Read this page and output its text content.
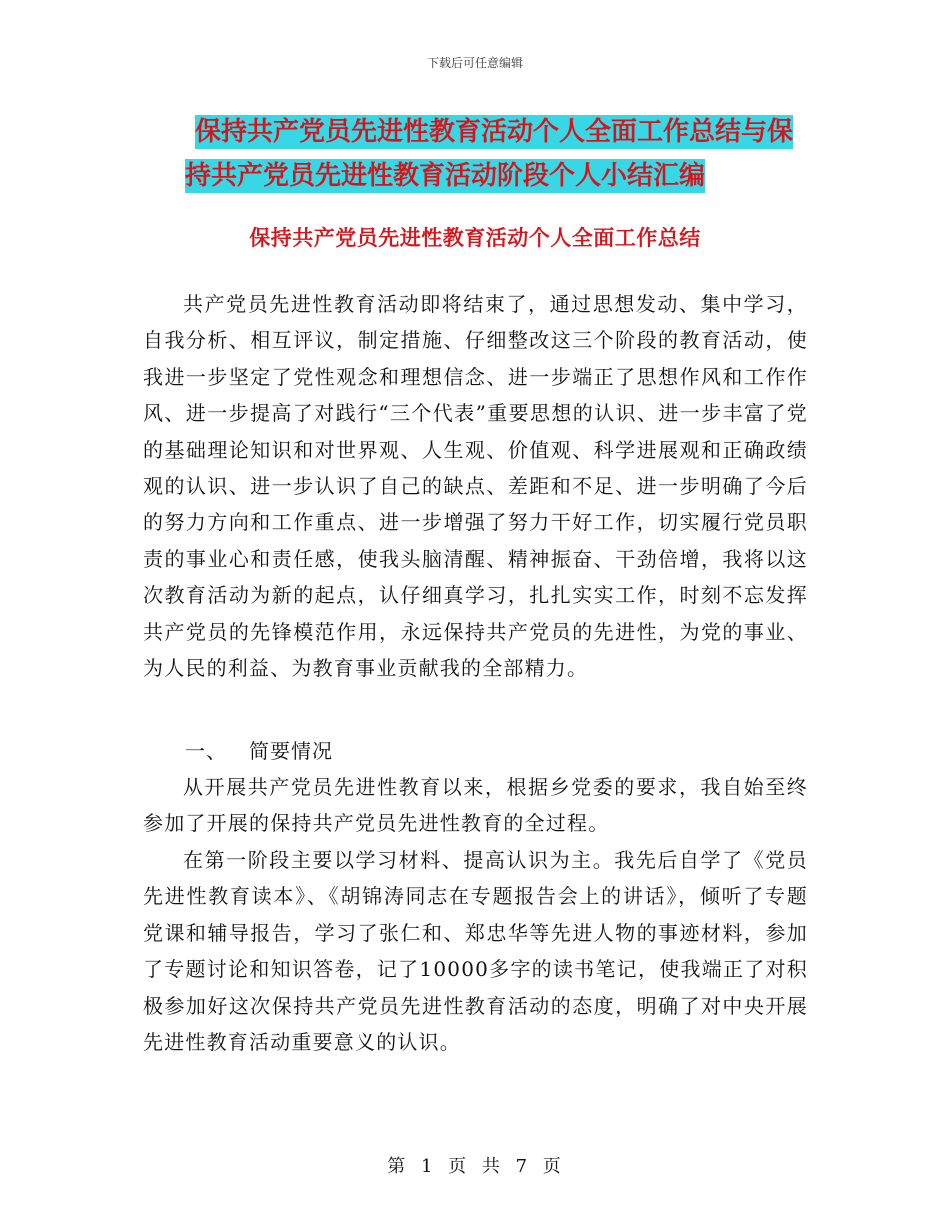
下载后可任意编辑
保持共产党员先进性教育活动个人全面工作总结与保
持共产党员先进性教育活动阶段个人小结汇编
保持共产党员先进性教育活动个人全面工作总结

共产党员先进性教育活动即将结束了，通过思想发动、集中学习，自我分析、相互评议，制定措施、仔细整改这三个阶段的教育活动，使我进一步坚定了党性观念和理想信念、进一步端正了思想作风和工作作风、进一步提高了对践行“三个代表”重要思想的认识、进一步丰富了党的基础理论知识和对世界观、人生观、价值观、科学进展观和正确政绩观的认识、进一步认识了自己的缺点、差距和不足、进一步明确了今后的努力方向和工作重点、进一步增强了努力干好工作，切实履行党员职责的事业心和责任感，使我头脑清醒、精神振奋、干劲倍增，我将以这次教育活动为新的起点，认仔细真学习，扎扎实实工作，时刻不忘发挥共产党员的先锋模范作用，永远保持共产党员的先进性，为党的事业、为人民的利益、为教育事业贡献我的全部精力。

一、 简要情况

从开展共产党员先进性教育以来，根据乡党委的要求，我自始至终参加了开展的保持共产党员先进性教育的全过程。

在第一阶段主要以学习材料、提高认识为主。我先后自学了《党员先进性教育读本》、《胡锦涛同志在专题报告会上的讲话》，倾听了专题党课和辅导报告，学习了张仁和、郑忠华等先进人物的事迹材料，参加了专题讨论和知识答卷，记了10000多字的读书笔记，使我端正了对积极参加好这次保持共产党员先进性教育活动的态度，明确了对中央开展先进性教育活动重要意义的认识。

第 1 页 共 7 页
